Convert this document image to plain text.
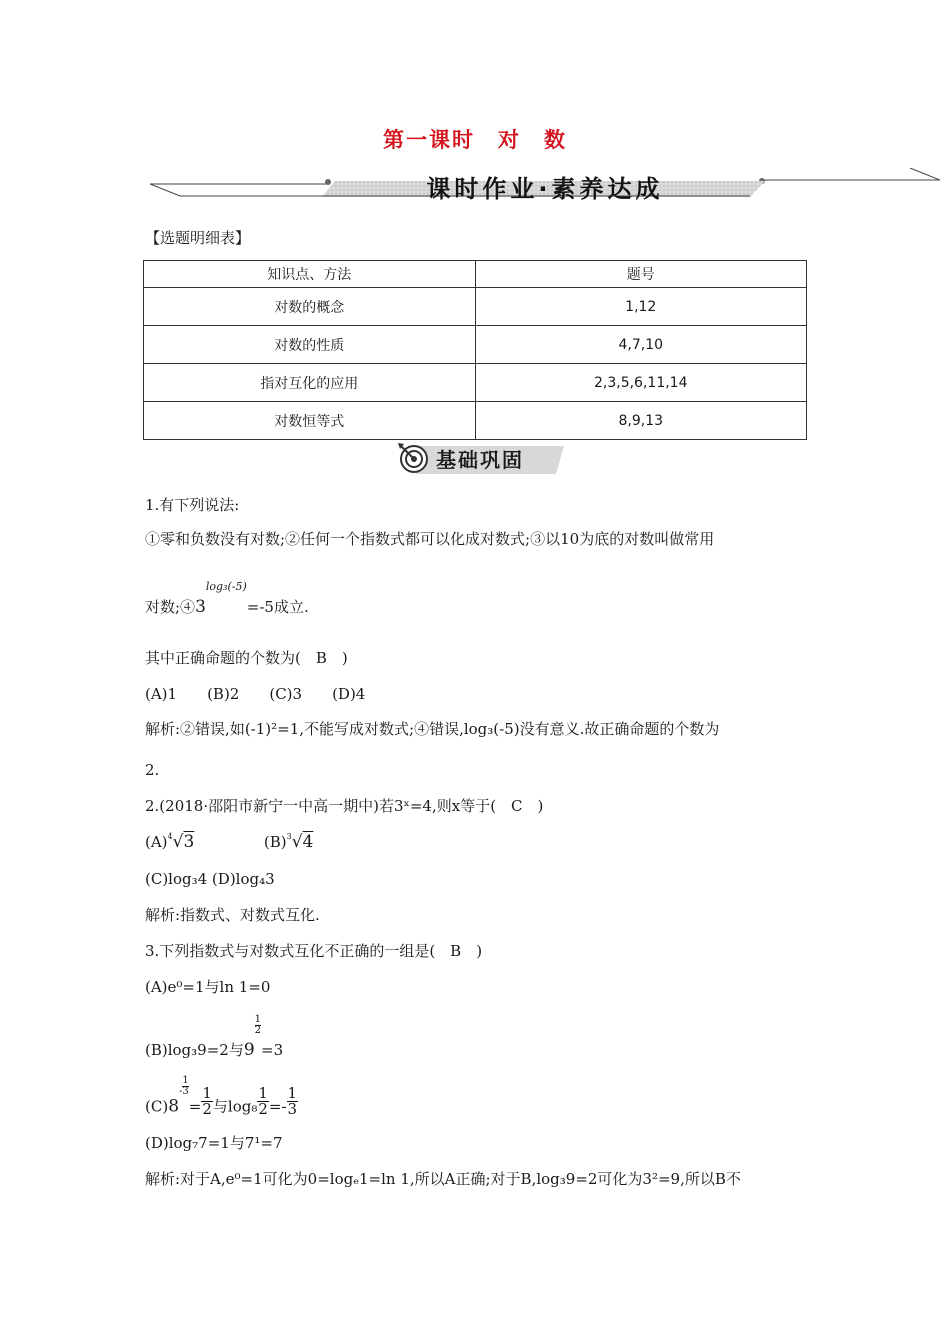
第一课时　对　数
课时作业·素养达成
【选题明细表】
知识点、方法	题号
对数的概念	1,12
对数的性质	4,7,10
指对互化的应用	2,3,5,6,11,14
对数恒等式	8,9,13
基础巩固
1.有下列说法:
①零和负数没有对数;②任何一个指数式都可以化成对数式;③以10为底的对数叫做常用
对数$;④3^{log_3(-5)}=-5$成立.
其中正确命题的个数为(　B　)
(A)1　　(B)2　　(C)3　　(D)4
解析:②错误,如(-1)²=1,不能写成对数式;④错误,log₃(-5)没有意义.故正确命题的个数为
2.
2.(2018·邵阳市新宁一中高一期中)若3ˣ=4,则x等于(　C　)
$(A)^4√3$	$(B)^3√4$
(C)log₃4 (D)log₄3
解析:指数式、对数式互化.
3.下列指数式与对数式互化不正确的一组是(　B　)
(A)e⁰=1与ln 1=0
(B)log₃9=2与9
$\frac{1}{2}$
=3
$(C)8^{- \frac{1}{3}}$
= $\frac{1}{2}$ 与$\log_8 \frac{1}{2} =- \frac{1}{3}$
(D)log₇7=1与7¹=7
解析:对于A,e⁰=1可化为0=logₑ1=ln 1,所以A正确;对于B,log₃9=2可化为3²=9,所以B不
